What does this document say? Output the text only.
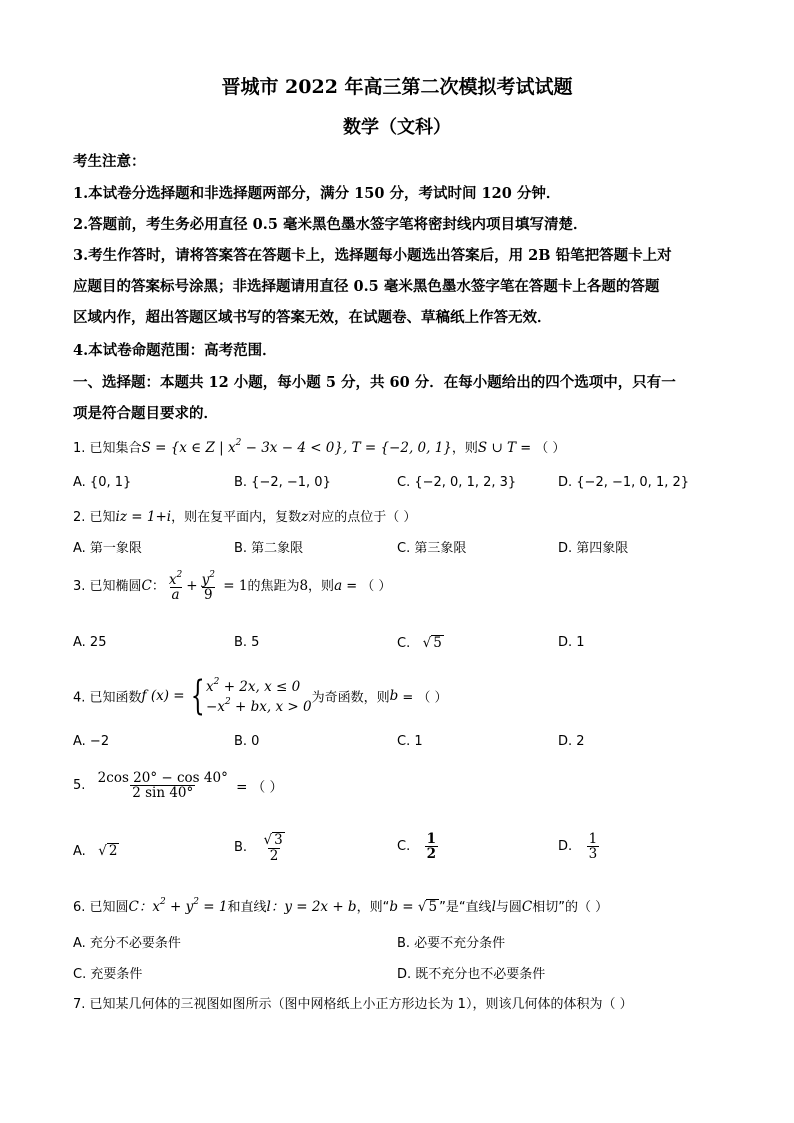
晋城市 2022 年高三第二次模拟考试试题
数学（文科）
考生注意：
1.本试卷分选择题和非选择题两部分，满分 150 分，考试时间 120 分钟．
2.答题前，考生务必用直径 0.5 毫米黑色墨水签字笔将密封线内项目填写清楚．
3.考生作答时，请将答案答在答题卡上，选择题每小题选出答案后，用 2B 铅笔把答题卡上对
应题目的答案标号涂黑；非选择题请用直径 0.5 毫米黑色墨水签字笔在答题卡上各题的答题
区域内作，超出答题区域书写的答案无效，在试题卷、草稿纸上作答无效．
4.本试卷命题范围：高考范围．
一、选择题：本题共 12 小题，每小题 5 分，共 60 分．在每小题给出的四个选项中，只有一
项是符合题目要求的．
1. 已知集合S = {x ∈ Z | $x^2 - 3x - 4 < 0$}, T = {−2, 0, 1}，则S ∪ T = （ ）
A. {0, 1}	B. {−2, −1, 0}	C. {−2, 0, 1, 2, 3}	D. {−2, −1, 0, 1, 2}
2. 已知iz = 1+i，则在复平面内，复数z对应的点位于（ ）
A. 第一象限	B. 第二象限	C. 第三象限	D. 第四象限
3. 已知椭圆C： $\frac{x^2}{a} + \frac{y^2}{9} = 1$的焦距为8，则a = （ ）
A. 25	B. 5	C. √ 5	D. 1
4. 已知函数f (x) = { $x^2 + 2x$, x ≤ 0
$-x^2$ + bx, x > 0
为奇函数，则b = （ ）
A. −2	B. 0	C. 1	D. 2
5. $\frac{2\cos 20^\circ - \cos 40^\circ}{2 \sin 40^\circ}$ = （ ）
A. √ 2	B. $\frac{√ 3}{2}$	C. $\frac{1}{2}$	D. $\frac{1}{3}$
6. 已知圆C：$x^2 + y^2 = 1$和直线l：y = 2x + b，则“b = √ 5 ”是“直线l与圆C相切”的（ ）
A. 充分不必要条件	B. 必要不充分条件
C. 充要条件	D. 既不充分也不必要条件
7. 已知某几何体的三视图如图所示（图中网格纸上小正方形边长为 1），则该几何体的体积为（ ）
